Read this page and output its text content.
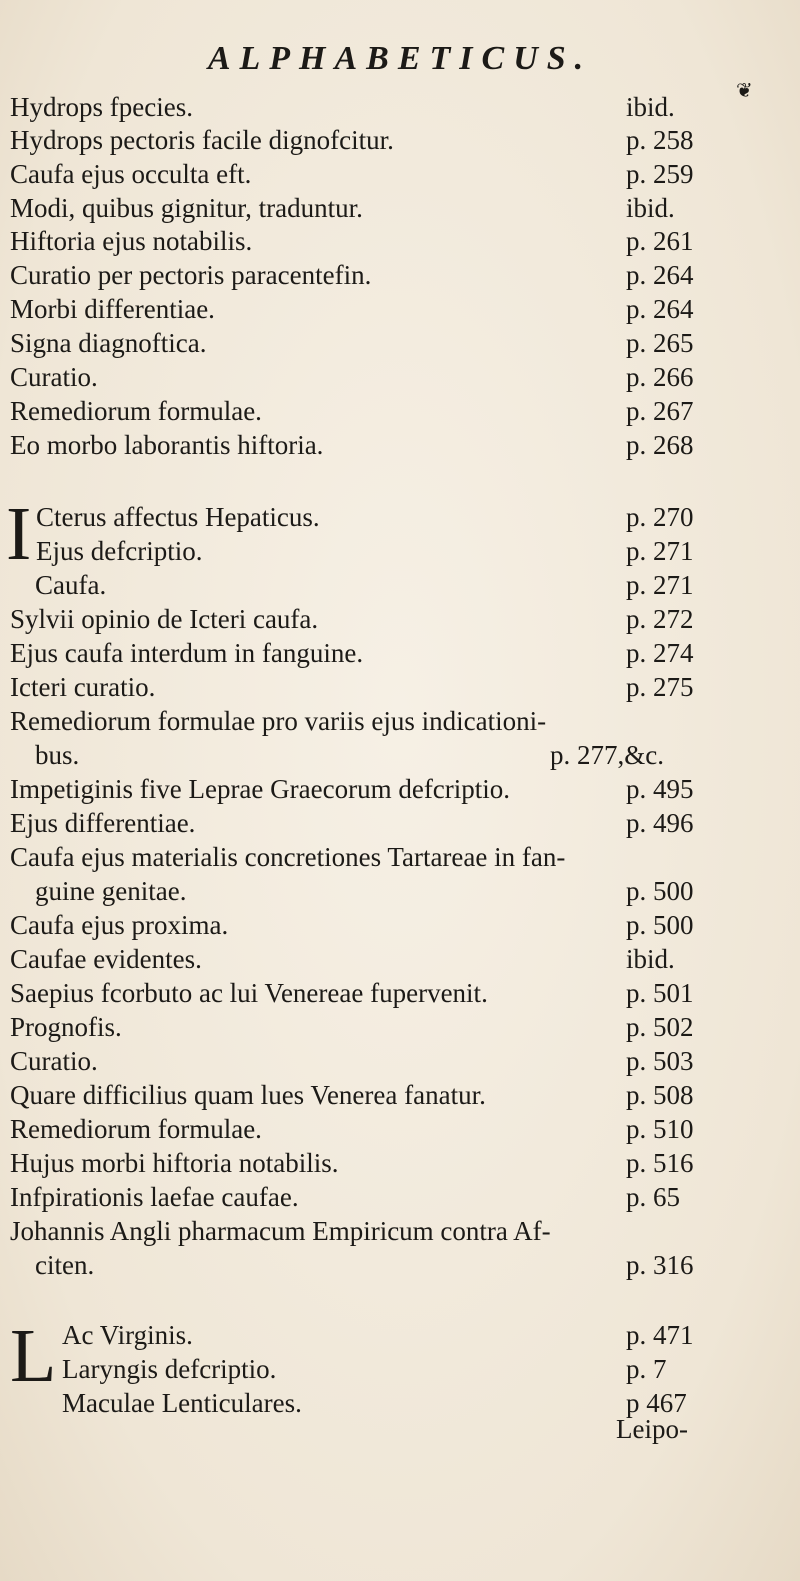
ALPHABETICUS.
❦
Hydrops fpecies.	ibid.
Hydrops pectoris facile dignofcitur.	p. 258
Caufa ejus occulta eft.	p. 259
Modi, quibus gignitur, traduntur.	ibid.
Hiftoria ejus notabilis.	p. 261
Curatio per pectoris paracentefin.	p. 264
Morbi differentiae.	p. 264
Signa diagnoftica.	p. 265
Curatio.	p. 266
Remediorum formulae.	p. 267
Eo morbo laborantis hiftoria.	p. 268
I Cterus affectus Hepaticus.	p. 270
Ejus defcriptio.	p. 271
Caufa.	p. 271
Sylvii opinio de Icteri caufa.	p. 272
Ejus caufa interdum in fanguine.	p. 274
Icteri curatio.	p. 275
Remediorum formulae pro variis ejus indicationi-
bus.	p. 277,&c.
Impetiginis five Leprae Graecorum defcriptio.	p. 495
Ejus differentiae.	p. 496
Caufa ejus materialis concretiones Tartareae in fan-
guine genitae.	p. 500
Caufa ejus proxima.	p. 500
Caufae evidentes.	ibid.
Saepius fcorbuto ac lui Venereae fupervenit.	p. 501
Prognofis.	p. 502
Curatio.	p. 503
Quare difficilius quam lues Venerea fanatur.	p. 508
Remediorum formulae.	p. 510
Hujus morbi hiftoria notabilis.	p. 516
Infpirationis laefae caufae.	p. 65
Johannis Angli pharmacum Empiricum contra Af-
citen.	p. 316
L Ac Virginis.	p. 471
Laryngis defcriptio.	p. 7
Maculae Lenticulares.	p 467
Leipo-
